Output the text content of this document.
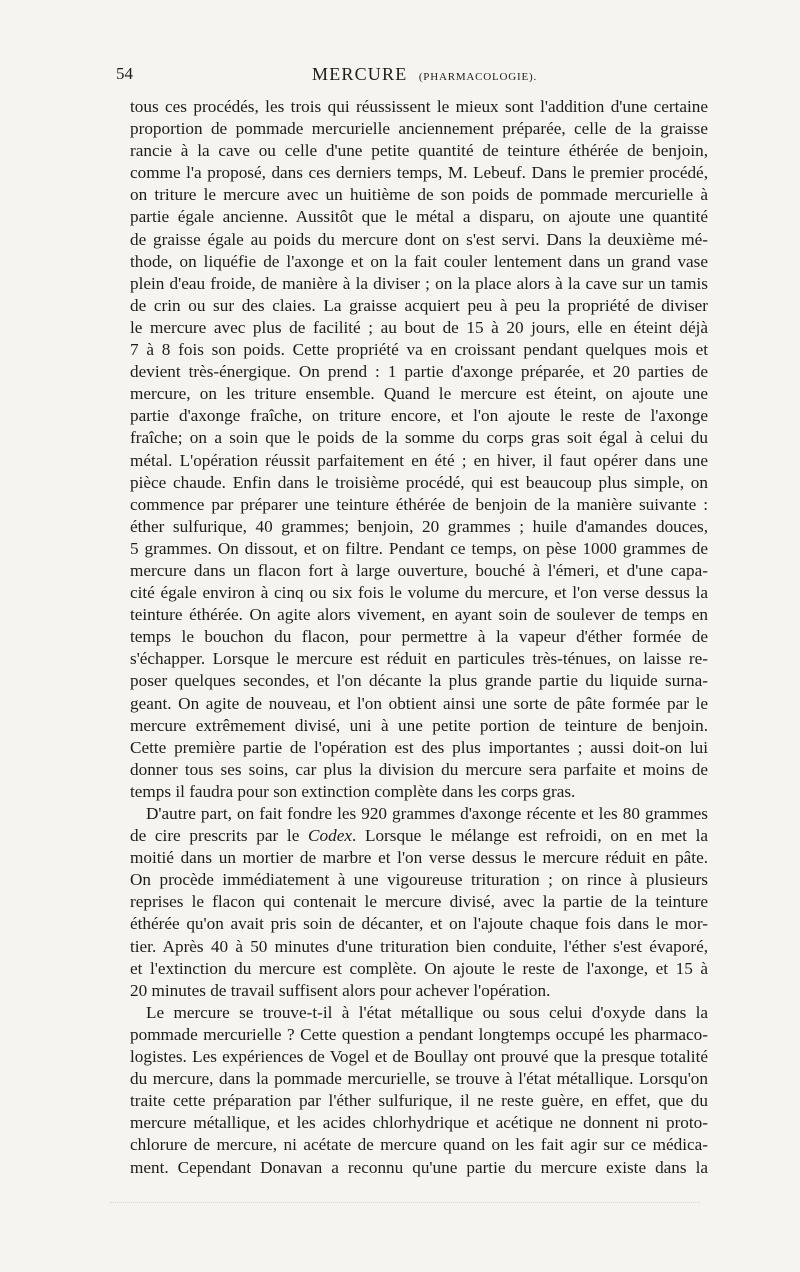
54	MERCURE (PHARMACOLOGIE).
tous ces procédés, les trois qui réussissent le mieux sont l'addition d'une certaine
proportion de pommade mercurielle anciennement préparée, celle de la graisse
rancie à la cave ou celle d'une petite quantité de teinture éthérée de benjoin,
comme l'a proposé, dans ces derniers temps, M. Lebeuf. Dans le premier procédé,
on triture le mercure avec un huitième de son poids de pommade mercurielle à
partie égale ancienne. Aussitôt que le métal a disparu, on ajoute une quantité
de graisse égale au poids du mercure dont on s'est servi. Dans la deuxième mé-
thode, on liquéfie de l'axonge et on la fait couler lentement dans un grand vase
plein d'eau froide, de manière à la diviser ; on la place alors à la cave sur un tamis
de crin ou sur des claies. La graisse acquiert peu à peu la propriété de diviser
le mercure avec plus de facilité ; au bout de 15 à 20 jours, elle en éteint déjà
7 à 8 fois son poids. Cette propriété va en croissant pendant quelques mois et
devient très-énergique. On prend : 1 partie d'axonge préparée, et 20 parties de
mercure, on les triture ensemble. Quand le mercure est éteint, on ajoute une
partie d'axonge fraîche, on triture encore, et l'on ajoute le reste de l'axonge
fraîche; on a soin que le poids de la somme du corps gras soit égal à celui du
métal. L'opération réussit parfaitement en été ; en hiver, il faut opérer dans une
pièce chaude. Enfin dans le troisième procédé, qui est beaucoup plus simple, on
commence par préparer une teinture éthérée de benjoin de la manière suivante :
éther sulfurique, 40 grammes; benjoin, 20 grammes ; huile d'amandes douces,
5 grammes. On dissout, et on filtre. Pendant ce temps, on pèse 1000 grammes de
mercure dans un flacon fort à large ouverture, bouché à l'émeri, et d'une capa-
cité égale environ à cinq ou six fois le volume du mercure, et l'on verse dessus la
teinture éthérée. On agite alors vivement, en ayant soin de soulever de temps en
temps le bouchon du flacon, pour permettre à la vapeur d'éther formée de
s'échapper. Lorsque le mercure est réduit en particules très-ténues, on laisse re-
poser quelques secondes, et l'on décante la plus grande partie du liquide surna-
geant. On agite de nouveau, et l'on obtient ainsi une sorte de pâte formée par le
mercure extrêmement divisé, uni à une petite portion de teinture de benjoin.
Cette première partie de l'opération est des plus importantes ; aussi doit-on lui
donner tous ses soins, car plus la division du mercure sera parfaite et moins de
temps il faudra pour son extinction complète dans les corps gras.
D'autre part, on fait fondre les 920 grammes d'axonge récente et les 80 grammes
de cire prescrits par le Codex. Lorsque le mélange est refroidi, on en met la
moitié dans un mortier de marbre et l'on verse dessus le mercure réduit en pâte.
On procède immédiatement à une vigoureuse trituration ; on rince à plusieurs
reprises le flacon qui contenait le mercure divisé, avec la partie de la teinture
éthérée qu'on avait pris soin de décanter, et on l'ajoute chaque fois dans le mor-
tier. Après 40 à 50 minutes d'une trituration bien conduite, l'éther s'est évaporé,
et l'extinction du mercure est complète. On ajoute le reste de l'axonge, et 15 à
20 minutes de travail suffisent alors pour achever l'opération.
Le mercure se trouve-t-il à l'état métallique ou sous celui d'oxyde dans la
pommade mercurielle ? Cette question a pendant longtemps occupé les pharmaco-
logistes. Les expériences de Vogel et de Boullay ont prouvé que la presque totalité
du mercure, dans la pommade mercurielle, se trouve à l'état métallique. Lorsqu'on
traite cette préparation par l'éther sulfurique, il ne reste guère, en effet, que du
mercure métallique, et les acides chlorhydrique et acétique ne donnent ni proto-
chlorure de mercure, ni acétate de mercure quand on les fait agir sur ce médica-
ment. Cependant Donavan a reconnu qu'une partie du mercure existe dans la
